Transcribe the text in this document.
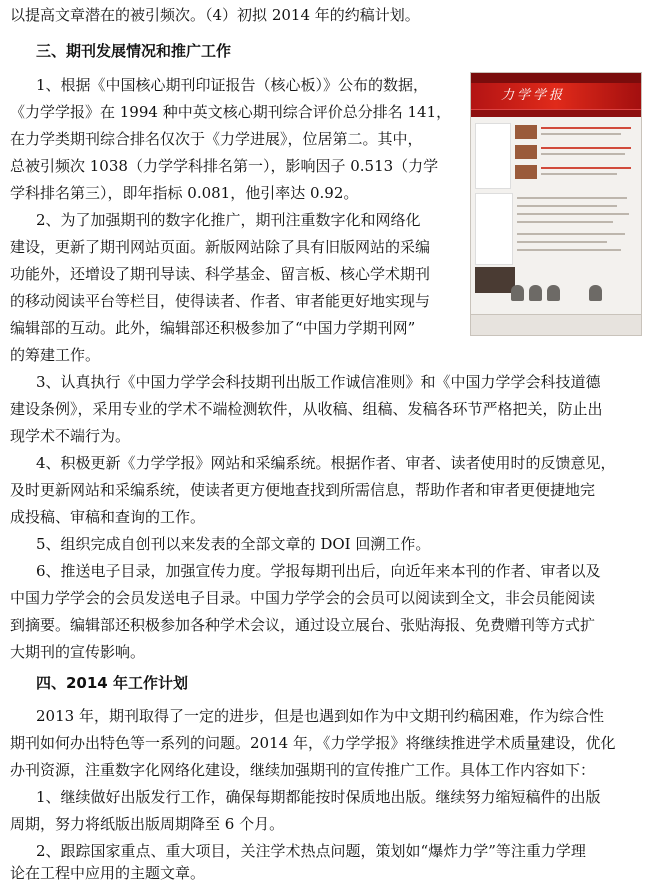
以提高文章潜在的被引频次。（4）初拟 2014 年的约稿计划。
三、期刊发展情况和推广工作
1、根据《中国核心期刊印证报告（核心板）》公布的数据，
《力学学报》在 1994 种中英文核心期刊综合评价总分排名 141，
在力学类期刊综合排名仅次于《力学进展》，位居第二。其中，
总被引频次 1038（力学学科排名第一），影响因子 0.513（力学
学科排名第三），即年指标 0.081，他引率达 0.92。
2、为了加强期刊的数字化推广，期刊注重数字化和网络化
建设，更新了期刊网站页面。新版网站除了具有旧版网站的采编
功能外，还增设了期刊导读、科学基金、留言板、核心学术期刊
的移动阅读平台等栏目，使得读者、作者、审者能更好地实现与
编辑部的互动。此外，编辑部还积极参加了“中国力学期刊网”
的筹建工作。
3、认真执行《中国力学学会科技期刊出版工作诚信准则》和《中国力学学会科技道德
建设条例》，采用专业的学术不端检测软件，从收稿、组稿、发稿各环节严格把关，防止出
现学术不端行为。
4、积极更新《力学学报》网站和采编系统。根据作者、审者、读者使用时的反馈意见，
及时更新网站和采编系统，使读者更方便地查找到所需信息，帮助作者和审者更便捷地完
成投稿、审稿和查询的工作。
5、组织完成自创刊以来发表的全部文章的 DOI 回溯工作。
6、推送电子目录，加强宣传力度。学报每期刊出后，向近年来本刊的作者、审者以及
中国力学学会的会员发送电子目录。中国力学学会的会员可以阅读到全文，非会员能阅读
到摘要。编辑部还积极参加各种学术会议，通过设立展台、张贴海报、免费赠刊等方式扩
大期刊的宣传影响。
四、2014 年工作计划
2013 年，期刊取得了一定的进步，但是也遇到如作为中文期刊约稿困难，作为综合性
期刊如何办出特色等一系列的问题。2014 年，《力学学报》将继续推进学术质量建设，优化
办刊资源，注重数字化网络化建设，继续加强期刊的宣传推广工作。具体工作内容如下：
1、继续做好出版发行工作，确保每期都能按时保质地出版。继续努力缩短稿件的出版
周期，努力将纸版出版周期降至 6 个月。
2、跟踪国家重点、重大项目，关注学术热点问题，策划如“爆炸力学”等注重力学理
论在工程中应用的主题文章。
力学学报
